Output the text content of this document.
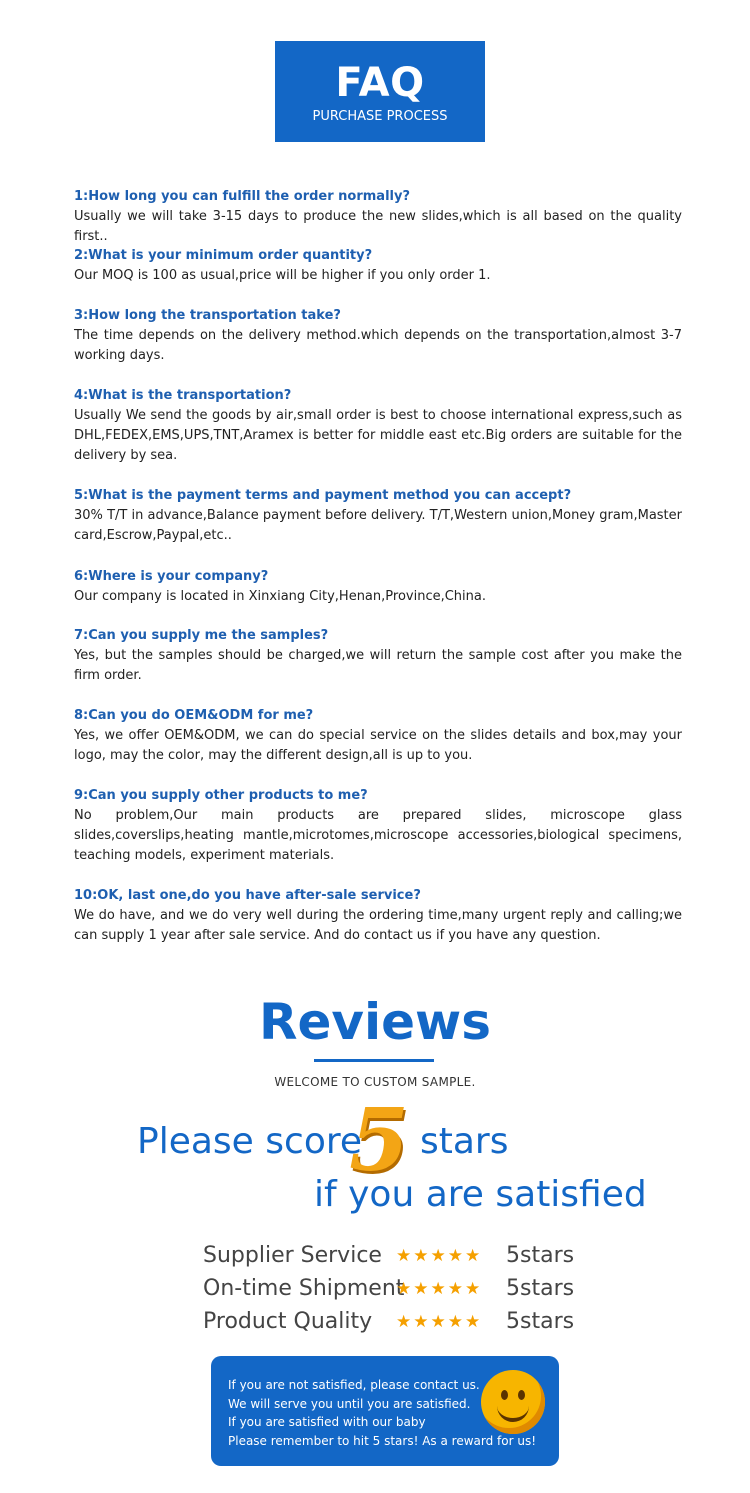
FAQ
PURCHASE PROCESS
1:How long you can fulfill the order normally?
Usually we will take 3-15 days to produce the new slides,which is all based on the quality first..
2:What is your minimum order quantity?
Our MOQ is 100 as usual,price will be higher if you only order 1.
3:How long the transportation take?
The time depends on the delivery method.which depends on the transportation,almost 3-7 working days.
4:What is the transportation?
Usually We send the goods by air,small order is best to choose international express,such as DHL,FEDEX,EMS,UPS,TNT,Aramex is better for middle east etc.Big orders are suitable for the delivery by sea.
5:What is the payment terms and payment method you can accept?
30% T/T in advance,Balance payment before delivery. T/T,Western union,Money gram,Master card,Escrow,Paypal,etc..
6:Where is your company?
Our company is located in Xinxiang City,Henan,Province,China.
7:Can you supply me the samples?
Yes, but the samples should be charged,we will return the sample cost after you make the firm order.
8:Can you do OEM&ODM for me?
Yes, we offer OEM&ODM, we can do special service on the slides details and box,may your logo, may the color, may the different design,all is up to you.
9:Can you supply other products to me?
No problem,Our main products are prepared slides, microscope glass slides,coverslips,heating mantle,microtomes,microscope accessories,biological specimens, teaching models, experiment materials.
10:OK, last one,do you have after-sale service?
We do have, and we do very well during the ordering time,many urgent reply and calling;we can supply 1 year after sale service. And do contact us if you have any question.
Reviews
WELCOME TO CUSTOM SAMPLE.
Please score
5 stars
if you are satisfied
Supplier Service ★★★★★ 5stars
On-time Shipment
★★★★★ 5stars
Product Quality ★★★★★ 5stars
If you are not satisfied, please contact us.
We will serve you until you are satisfied.
If you are satisfied with our baby
Please remember to hit 5 stars! As a reward for us!
